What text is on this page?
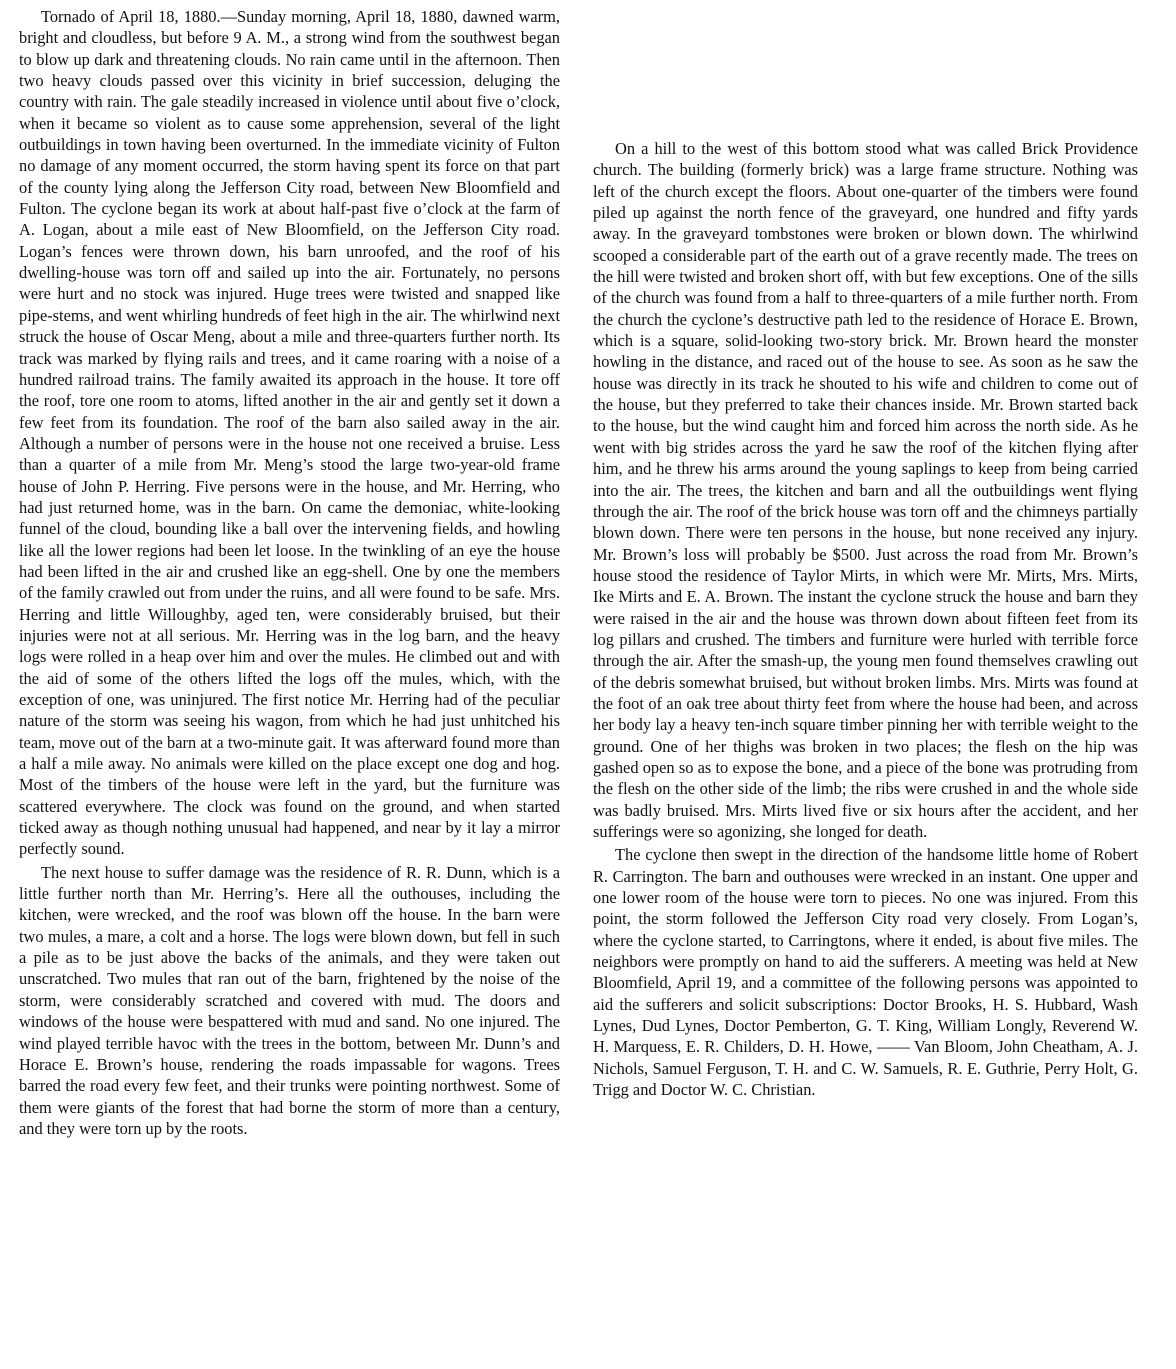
Tornado of April 18, 1880.—Sunday morning, April 18, 1880, dawned warm, bright and cloudless, but before 9 A. M., a strong wind from the southwest began to blow up dark and threatening clouds. No rain came until in the afternoon. Then two heavy clouds passed over this vicinity in brief succession, deluging the country with rain. The gale steadily increased in violence until about five o’clock, when it became so violent as to cause some apprehension, several of the light outbuildings in town having been overturned. In the immediate vicinity of Fulton no damage of any moment occurred, the storm having spent its force on that part of the county lying along the Jefferson City road, between New Bloomfield and Fulton. The cyclone began its work at about half-past five o’clock at the farm of A. Logan, about a mile east of New Bloomfield, on the Jefferson City road. Logan’s fences were thrown down, his barn unroofed, and the roof of his dwelling-house was torn off and sailed up into the air. Fortunately, no persons were hurt and no stock was injured. Huge trees were twisted and snapped like pipe-stems, and went whirling hundreds of feet high in the air. The whirlwind next struck the house of Oscar Meng, about a mile and three-quarters further north. Its track was marked by flying rails and trees, and it came roaring with a noise of a hundred railroad trains. The family awaited its approach in the house. It tore off the roof, tore one room to atoms, lifted another in the air and gently set it down a few feet from its foundation. The roof of the barn also sailed away in the air. Although a number of persons were in the house not one received a bruise. Less than a quarter of a mile from Mr. Meng’s stood the large two-year-old frame house of John P. Herring. Five persons were in the house, and Mr. Herring, who had just returned home, was in the barn. On came the demoniac, white-looking funnel of the cloud, bounding like a ball over the intervening fields, and howling like all the lower regions had been let loose. In the twinkling of an eye the house had been lifted in the air and crushed like an egg-shell. One by one the members of the family crawled out from under the ruins, and all were found to be safe. Mrs. Herring and little Willoughby, aged ten, were considerably bruised, but their injuries were not at all serious. Mr. Herring was in the log barn, and the heavy logs were rolled in a heap over him and over the mules. He climbed out and with the aid of some of the others lifted the logs off the mules, which, with the exception of one, was uninjured. The first notice Mr. Herring had of the peculiar nature of the storm was seeing his wagon, from which he had just unhitched his team, move out of the barn at a two-minute gait. It was afterward found more than a half a mile away. No animals were killed on the place except one dog and hog. Most of the timbers of the house were left in the yard, but the furniture was scattered everywhere. The clock was found on the ground, and when started ticked away as though nothing unusual had happened, and near by it lay a mirror perfectly sound.

The next house to suffer damage was the residence of R. R. Dunn, which is a little further north than Mr. Herring’s. Here all the outhouses, including the kitchen, were wrecked, and the roof was blown off the house. In the barn were two mules, a mare, a colt and a horse. The logs were blown down, but fell in such a pile as to be just above the backs of the animals, and they were taken out unscratched. Two mules that ran out of the barn, frightened by the noise of the storm, were considerably scratched and covered with mud. The doors and windows of the house were bespattered with mud and sand. No one injured. The wind played terrible havoc with the trees in the bottom, between Mr. Dunn’s and Horace E. Brown’s house, rendering the roads impassable for wagons. Trees barred the road every few feet, and their trunks were pointing northwest. Some of them were giants of the forest that had borne the storm of more than a century, and they were torn up by the roots.

On a hill to the west of this bottom stood what was called Brick Providence church. The building (formerly brick) was a large frame structure. Nothing was left of the church except the floors. About one-quarter of the timbers were found piled up against the north fence of the graveyard, one hundred and fifty yards away. In the graveyard tombstones were broken or blown down. The whirlwind scooped a considerable part of the earth out of a grave recently made. The trees on the hill were twisted and broken short off, with but few exceptions. One of the sills of the church was found from a half to three-quarters of a mile further north. From the church the cyclone’s destructive path led to the residence of Horace E. Brown, which is a square, solid-looking two-story brick. Mr. Brown heard the monster howling in the distance, and raced out of the house to see. As soon as he saw the house was directly in its track he shouted to his wife and children to come out of the house, but they preferred to take their chances inside. Mr. Brown started back to the house, but the wind caught him and forced him across the north side. As he went with big strides across the yard he saw the roof of the kitchen flying after him, and he threw his arms around the young saplings to keep from being carried into the air. The trees, the kitchen and barn and all the outbuildings went flying through the air. The roof of the brick house was torn off and the chimneys partially blown down. There were ten persons in the house, but none received any injury. Mr. Brown’s loss will probably be $500. Just across the road from Mr. Brown’s house stood the residence of Taylor Mirts, in which were Mr. Mirts, Mrs. Mirts, Ike Mirts and E. A. Brown. The instant the cyclone struck the house and barn they were raised in the air and the house was thrown down about fifteen feet from its log pillars and crushed. The timbers and furniture were hurled with terrible force through the air. After the smash-up, the young men found themselves crawling out of the debris somewhat bruised, but without broken limbs. Mrs. Mirts was found at the foot of an oak tree about thirty feet from where the house had been, and across her body lay a heavy ten-inch square timber pinning her with terrible weight to the ground. One of her thighs was broken in two places; the flesh on the hip was gashed open so as to expose the bone, and a piece of the bone was protruding from the flesh on the other side of the limb; the ribs were crushed in and the whole side was badly bruised. Mrs. Mirts lived five or six hours after the accident, and her sufferings were so agonizing, she longed for death.

The cyclone then swept in the direction of the handsome little home of Robert R. Carrington. The barn and outhouses were wrecked in an instant. One upper and one lower room of the house were torn to pieces. No one was injured. From this point, the storm followed the Jefferson City road very closely. From Logan’s, where the cyclone started, to Carringtons, where it ended, is about five miles. The neighbors were promptly on hand to aid the sufferers. A meeting was held at New Bloomfield, April 19, and a committee of the following persons was appointed to aid the sufferers and solicit subscriptions: Doctor Brooks, H. S. Hubbard, Wash Lynes, Dud Lynes, Doctor Pemberton, G. T. King, William Longly, Reverend W. H. Marquess, E. R. Childers, D. H. Howe, —— Van Bloom, John Cheatham, A. J. Nichols, Samuel Ferguson, T. H. and C. W. Samuels, R. E. Guthrie, Perry Holt, G. Trigg and Doctor W. C. Christian.
